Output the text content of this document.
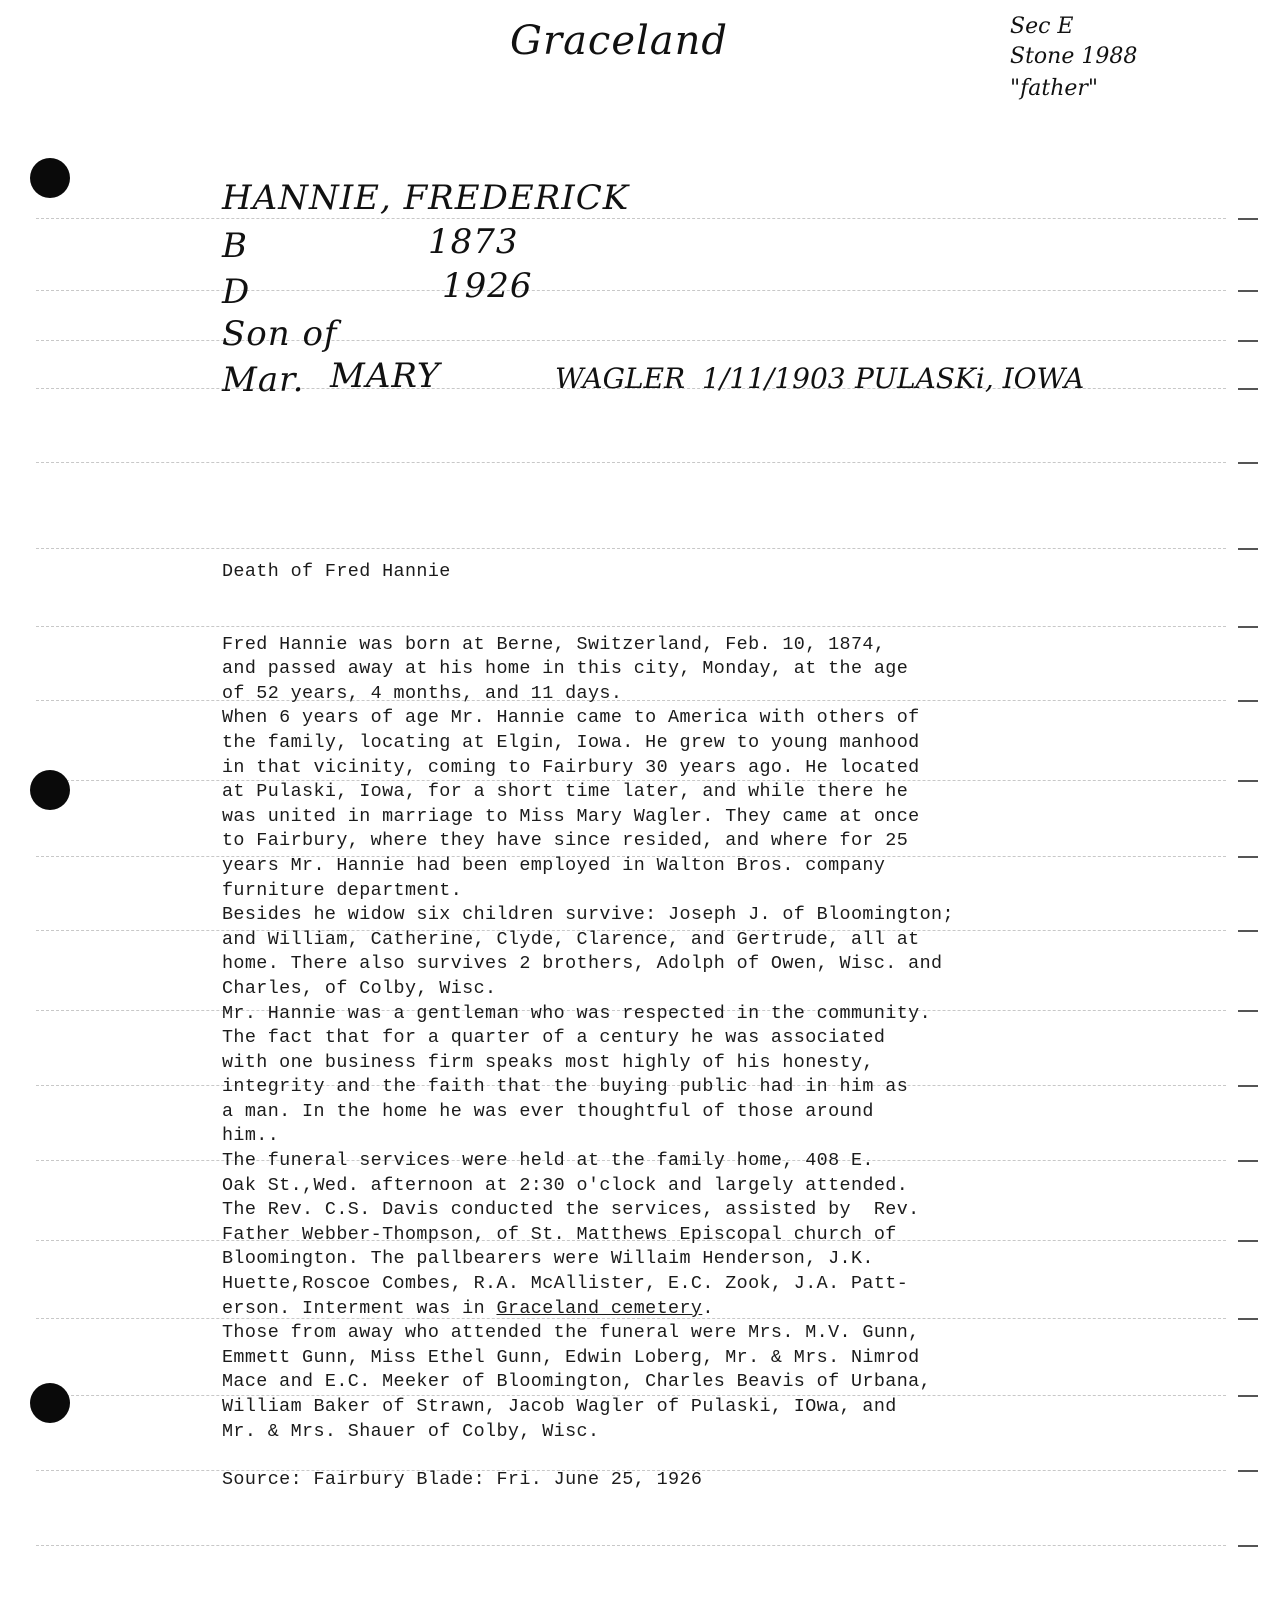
Graceland	Sec E
Stone 1988
"father"
HANNIE, FREDERICK
B	1873
D	1926
Son of
Mar. MARY	WAGLER 1/11/1903 PULASKi, IOWA

Death of Fred Hannie

Fred Hannie was born at Berne, Switzerland, Feb. 10, 1874,

and passed away at his home in this city, Monday, at the age

of 52 years, 4 months, and 11 days.

When 6 years of age Mr. Hannie came to America with others of

the family, locating at Elgin, Iowa. He grew to young manhood

in that vicinity, coming to Fairbury 30 years ago. He located

at Pulaski, Iowa, for a short time later, and while there he

was united in marriage to Miss Mary Wagler. They came at once

to Fairbury, where they have since resided, and where for 25

years Mr. Hannie had been employed in Walton Bros. company

furniture department.

Besides he widow six children survive: Joseph J. of Bloomington;

and William, Catherine, Clyde, Clarence, and Gertrude, all at

home. There also survives 2 brothers, Adolph of Owen, Wisc. and

Charles, of Colby, Wisc.

Mr. Hannie was a gentleman who was respected in the community.

The fact that for a quarter of a century he was associated

with one business firm speaks most highly of his honesty,

integrity and the faith that the buying public had in him as

a man. In the home he was ever thoughtful of those around

him..

The funeral services were held at the family home, 408 E.

Oak St.,Wed. afternoon at 2:30 o'clock and largely attended.

The Rev. C.S. Davis conducted the services, assisted by  Rev.

Father Webber-Thompson, of St. Matthews Episcopal church of

Bloomington. The pallbearers were Willaim Henderson, J.K.

Huette,Roscoe Combes, R.A. McAllister, E.C. Zook, J.A. Patt-

erson. Interment was in Graceland cemetery.

Those from away who attended the funeral were Mrs. M.V. Gunn,

Emmett Gunn, Miss Ethel Gunn, Edwin Loberg, Mr. & Mrs. Nimrod

Mace and E.C. Meeker of Bloomington, Charles Beavis of Urbana,

William Baker of Strawn, Jacob Wagler of Pulaski, IOwa, and

Mr. & Mrs. Shauer of Colby, Wisc.

Source: Fairbury Blade: Fri. June 25, 1926
